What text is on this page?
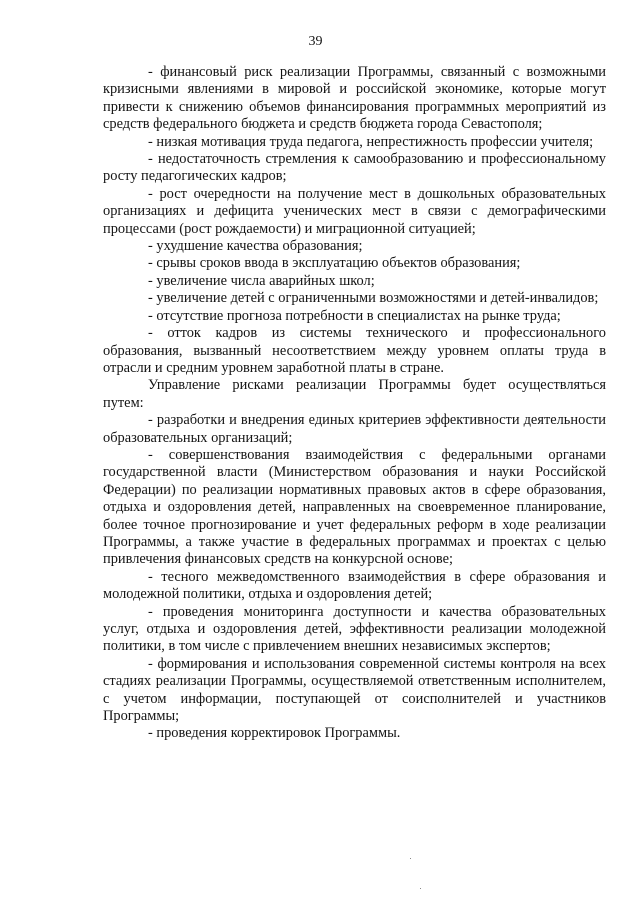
39

- финансовый риск реализации Программы, связанный с возможными кризисными явлениями в мировой и российской экономике, которые могут привести к снижению объемов финансирования программных мероприятий из средств федерального бюджета и средств бюджета города Севастополя;

- низкая мотивация труда педагога, непрестижность профессии учителя;

- недостаточность стремления к самообразованию и профессиональному росту педагогических кадров;

- рост очередности на получение мест в дошкольных образовательных организациях и дефицита ученических мест в связи с демографическими процессами (рост рождаемости) и миграционной ситуацией;

- ухудшение качества образования;

- срывы сроков ввода в эксплуатацию объектов образования;

- увеличение числа аварийных школ;

- увеличение детей с ограниченными возможностями и детей-инвалидов;

- отсутствие прогноза потребности в специалистах на рынке труда;

- отток кадров из системы технического и профессионального образования, вызванный несоответствием между уровнем оплаты труда в отрасли и средним уровнем заработной платы в стране.

Управление рисками реализации Программы будет осуществляться путем:

- разработки и внедрения единых критериев эффективности деятельности образовательных организаций;

- совершенствования взаимодействия с федеральными органами государственной власти (Министерством образования и науки Российской Федерации) по реализации нормативных правовых актов в сфере образования, отдыха и оздоровления детей, направленных на своевременное планирование, более точное прогнозирование и учет федеральных реформ в ходе реализации Программы, а также участие в федеральных программах и проектах с целью привлечения финансовых средств на конкурсной основе;

- тесного межведомственного взаимодействия в сфере образования и молодежной политики, отдыха и оздоровления детей;

- проведения мониторинга доступности и качества образовательных услуг, отдыха и оздоровления детей, эффективности реализации молодежной политики, в том числе с привлечением внешних независимых экспертов;

- формирования и использования современной системы контроля на всех стадиях реализации Программы, осуществляемой ответственным исполнителем, с учетом информации, поступающей от соисполнителей и участников Программы;

- проведения корректировок Программы.
